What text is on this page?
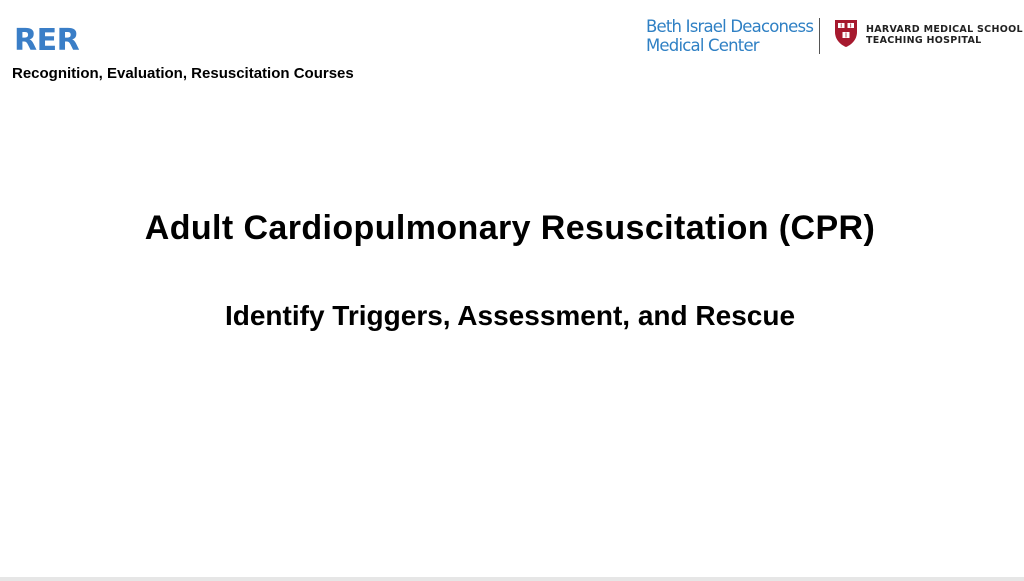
RER
Recognition, Evaluation, Resuscitation Courses
Beth Israel Deaconess
Medical Center
HARVARD MEDICAL SCHOOL
TEACHING HOSPITAL
Adult Cardiopulmonary Resuscitation (CPR)
Identify Triggers, Assessment, and Rescue
